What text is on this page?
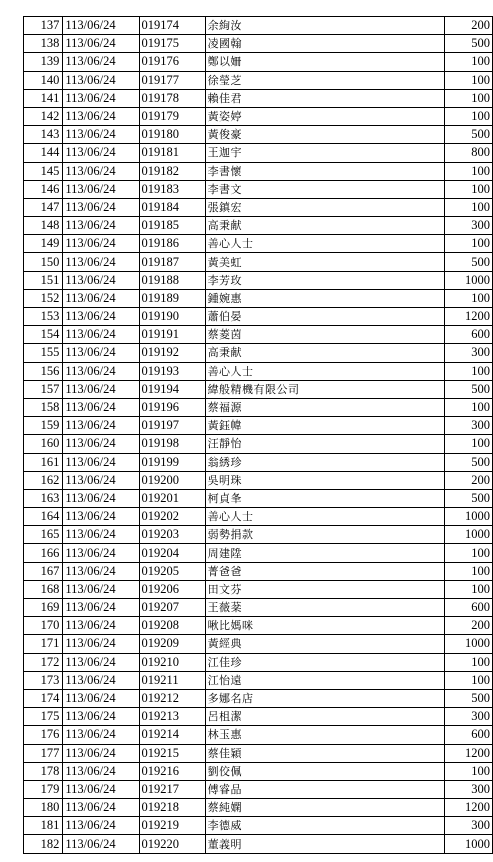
137	113/06/24	019174	余絢汝	200
138	113/06/24	019175	凌國翰	500
139	113/06/24	019176	鄭以姍	100
140	113/06/24	019177	徐瑩芝	100
141	113/06/24	019178	賴佳君	100
142	113/06/24	019179	黃姿婷	100
143	113/06/24	019180	黃俊豪	500
144	113/06/24	019181	王迦宇	800
145	113/06/24	019182	李書懷	100
146	113/06/24	019183	李書文	100
147	113/06/24	019184	張鎮宏	100
148	113/06/24	019185	高秉献	300
149	113/06/24	019186	善心人士	100
150	113/06/24	019187	黃美虹	500
151	113/06/24	019188	李芳玫	1000
152	113/06/24	019189	鍾婉惠	100
153	113/06/24	019190	蕭伯晏	1200
154	113/06/24	019191	蔡菱茵	600
155	113/06/24	019192	高秉献	300
156	113/06/24	019193	善心人士	100
157	113/06/24	019194	緯般精機有限公司	500
158	113/06/24	019196	蔡福源	100
159	113/06/24	019197	黃鈺幃	300
160	113/06/24	019198	汪靜怡	100
161	113/06/24	019199	翁綉珍	500
162	113/06/24	019200	吳明珠	200
163	113/06/24	019201	柯貞夆	500
164	113/06/24	019202	善心人士	1000
165	113/06/24	019203	弱勢捐款	1000
166	113/06/24	019204	周建陞	100
167	113/06/24	019205	菁爸爸	100
168	113/06/24	019206	田文芬	100
169	113/06/24	019207	王薇棻	600
170	113/06/24	019208	啾比媽咪	200
171	113/06/24	019209	黃經典	1000
172	113/06/24	019210	江佳珍	100
173	113/06/24	019211	江怡遠	100
174	113/06/24	019212	多娜名店	500
175	113/06/24	019213	呂柤潔	300
176	113/06/24	019214	林玉惠	600
177	113/06/24	019215	蔡佳穎	1200
178	113/06/24	019216	劉佼佩	100
179	113/06/24	019217	傅睿品	300
180	113/06/24	019218	蔡純嫻	1200
181	113/06/24	019219	李德威	300
182	113/06/24	019220	董義明	1000
